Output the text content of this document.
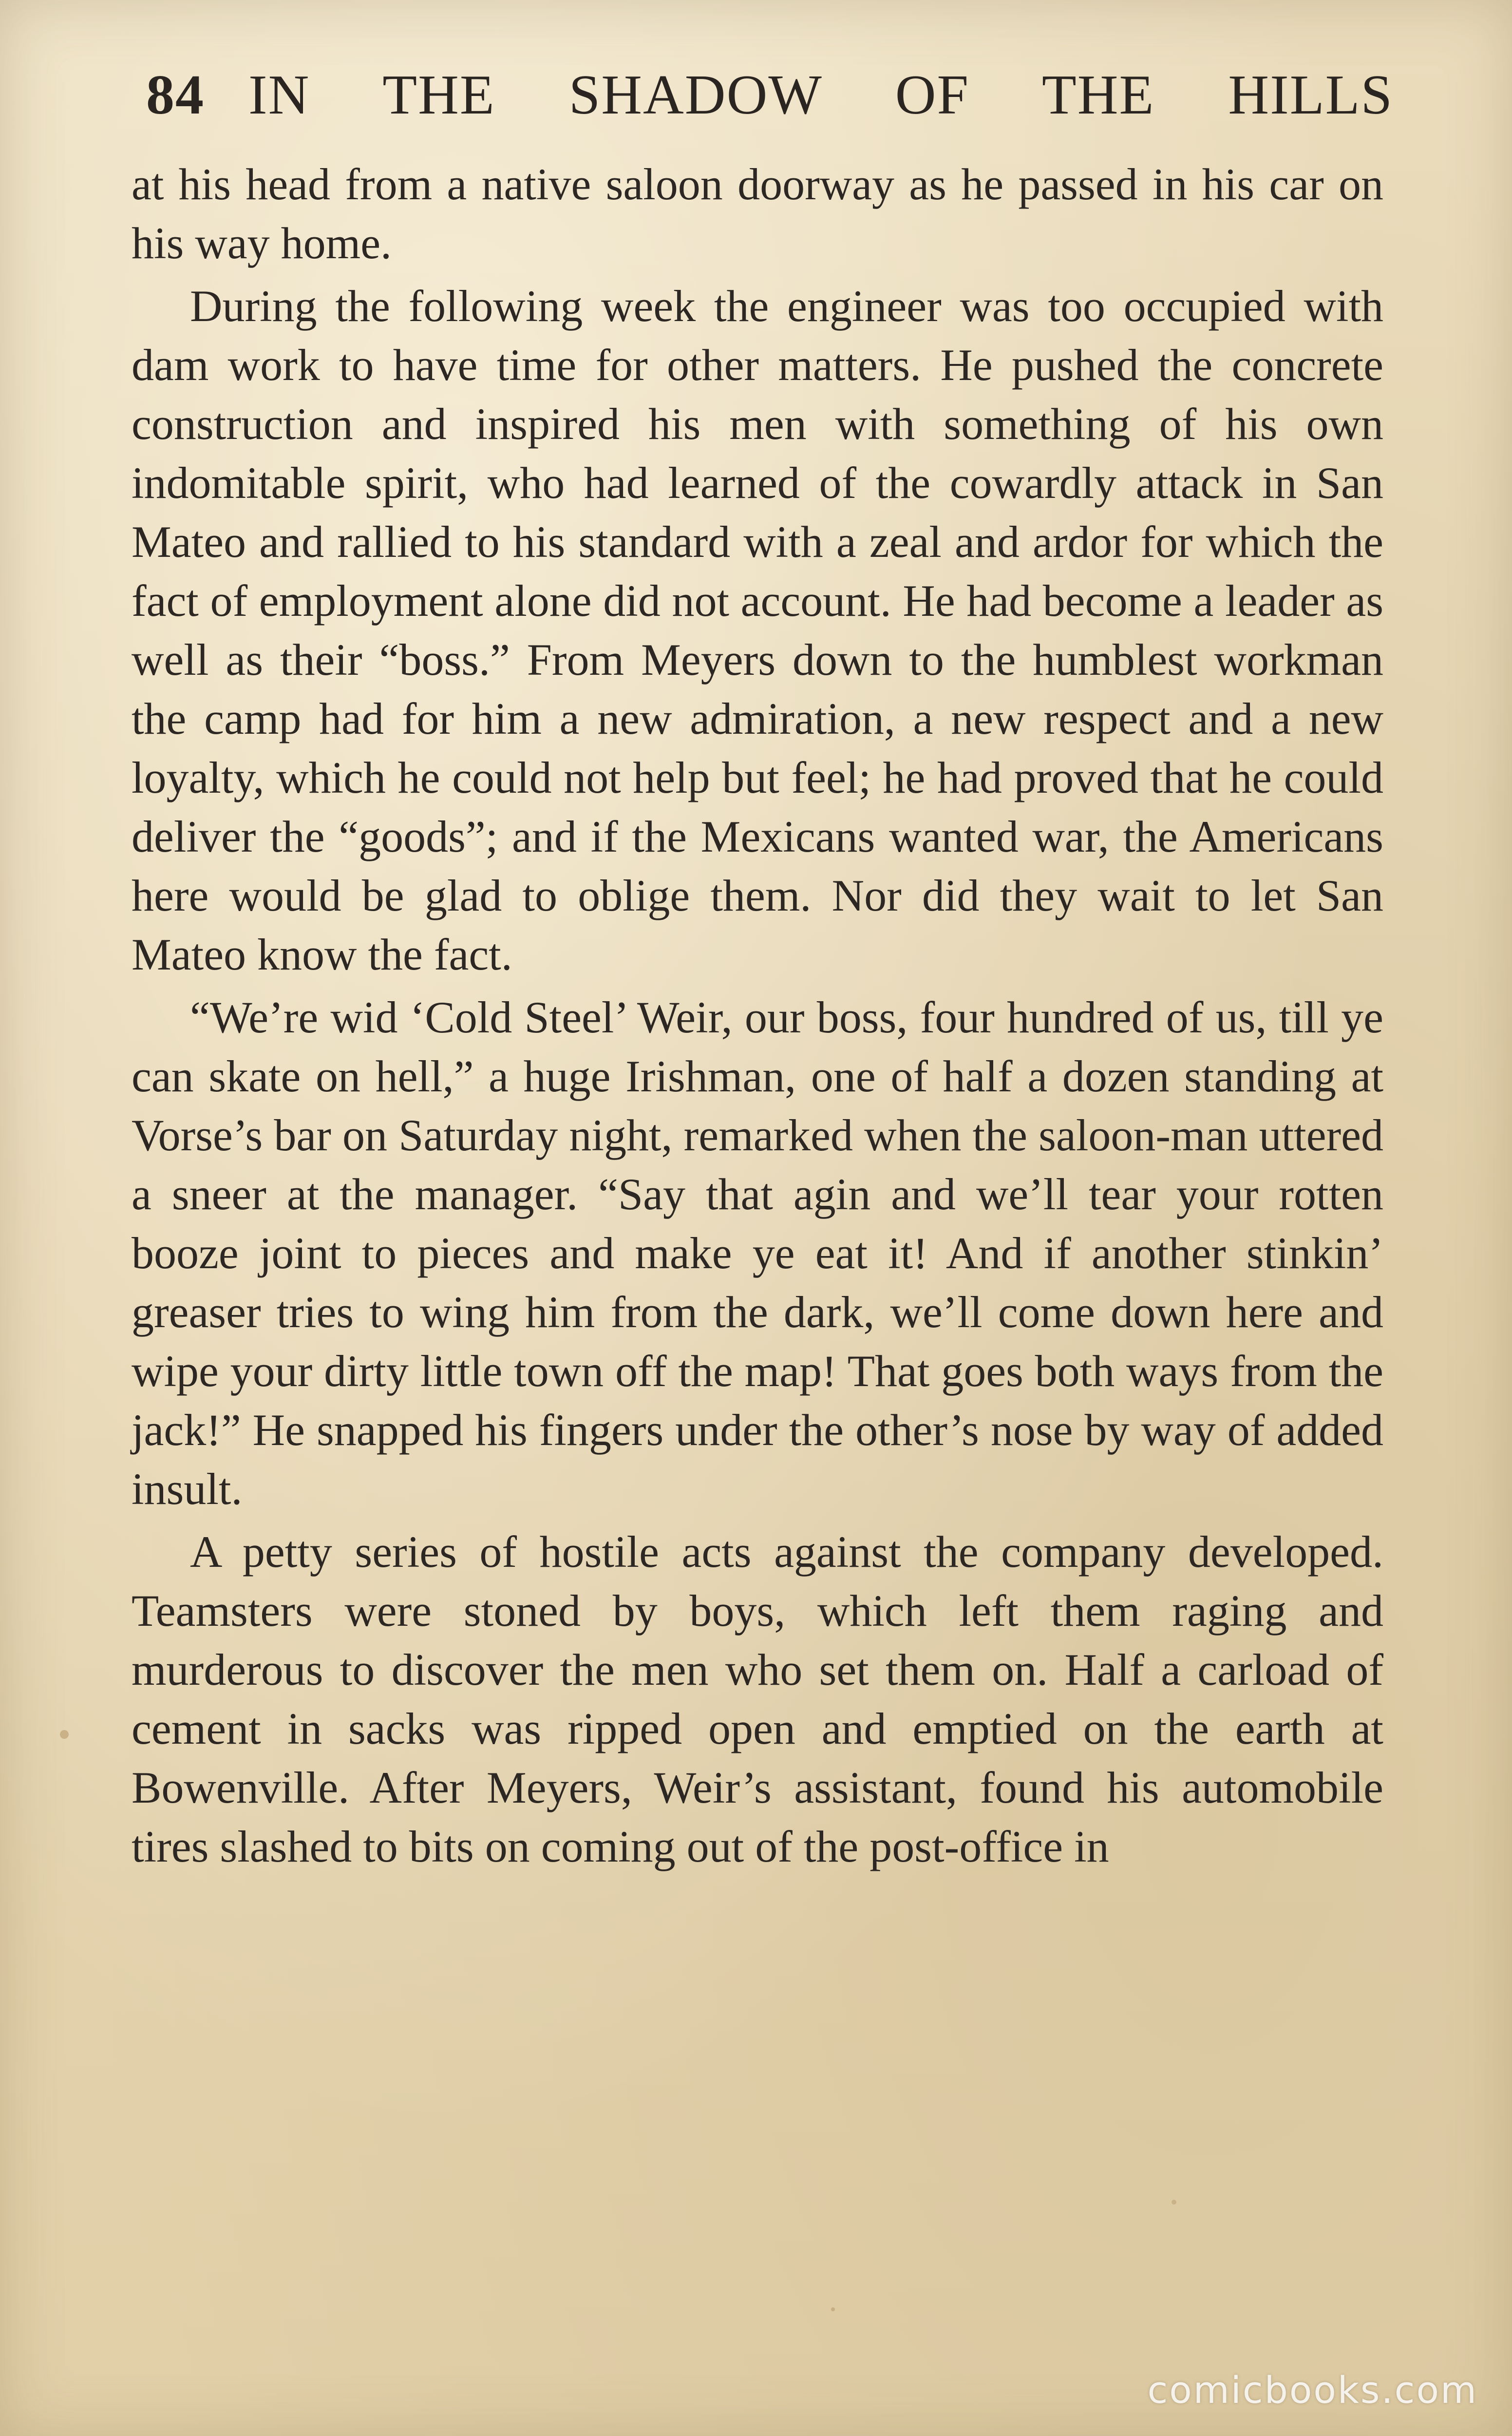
84 IN THE SHADOW OF THE HILLS

at his head from a native saloon doorway as he passed in his car on his way home.

During the following week the engineer was too occupied with dam work to have time for other matters. He pushed the concrete construction and inspired his men with something of his own indomitable spirit, who had learned of the cowardly attack in San Mateo and rallied to his standard with a zeal and ardor for which the fact of employment alone did not account. He had become a leader as well as their “boss.” From Meyers down to the humblest workman the camp had for him a new admiration, a new respect and a new loyalty, which he could not help but feel; he had proved that he could deliver the “goods”; and if the Mexicans wanted war, the Americans here would be glad to oblige them. Nor did they wait to let San Mateo know the fact.

“We’re wid ‘Cold Steel’ Weir, our boss, four hundred of us, till ye can skate on hell,” a huge Irishman, one of half a dozen standing at Vorse’s bar on Saturday night, remarked when the saloon-man uttered a sneer at the manager. “Say that agin and we’ll tear your rotten booze joint to pieces and make ye eat it! And if another stinkin’ greaser tries to wing him from the dark, we’ll come down here and wipe your dirty little town off the map! That goes both ways from the jack!” He snapped his fingers under the other’s nose by way of added insult.

A petty series of hostile acts against the company developed. Teamsters were stoned by boys, which left them raging and murderous to discover the men who set them on. Half a carload of cement in sacks was ripped open and emptied on the earth at Bowenville. After Meyers, Weir’s assistant, found his automobile tires slashed to bits on coming out of the post-office in

comicbooks.com
